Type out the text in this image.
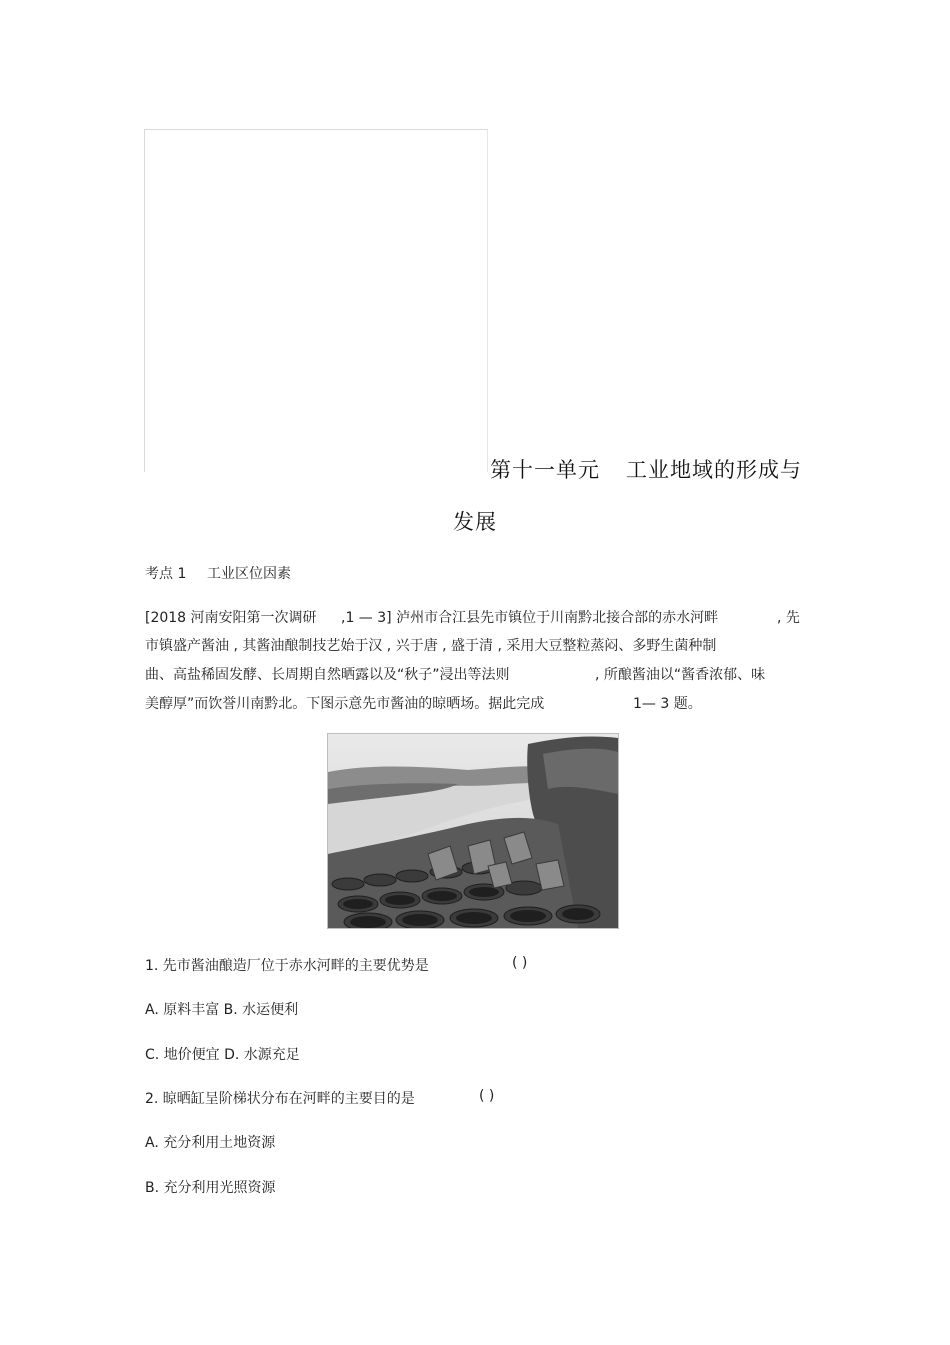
第十一单元 工业地域的形成与
发展
考点 1 工业区位因素
[2018 河南安阳第一次调研 ,1 — 3] 泸州市合江县先市镇位于川南黔北接合部的赤水河畔	, 先
市镇盛产酱油 , 其酱油酿制技艺始于汉 , 兴于唐 , 盛于清 , 采用大豆整粒蒸闷、多野生菌种制
曲、高盐稀固发酵、长周期自然晒露以及“秋子”浸出等法则	, 所酿酱油以“酱香浓郁、味
美醇厚”而饮誉川南黔北。下图示意先市酱油的晾晒场。据此完成	1— 3 题。
1. 先市酱油酿造厂位于赤水河畔的主要优势是	( )
A. 原料丰富 B. 水运便利
C. 地价便宜 D. 水源充足
2. 晾晒缸呈阶梯状分布在河畔的主要目的是	( )
A. 充分利用土地资源
B. 充分利用光照资源
